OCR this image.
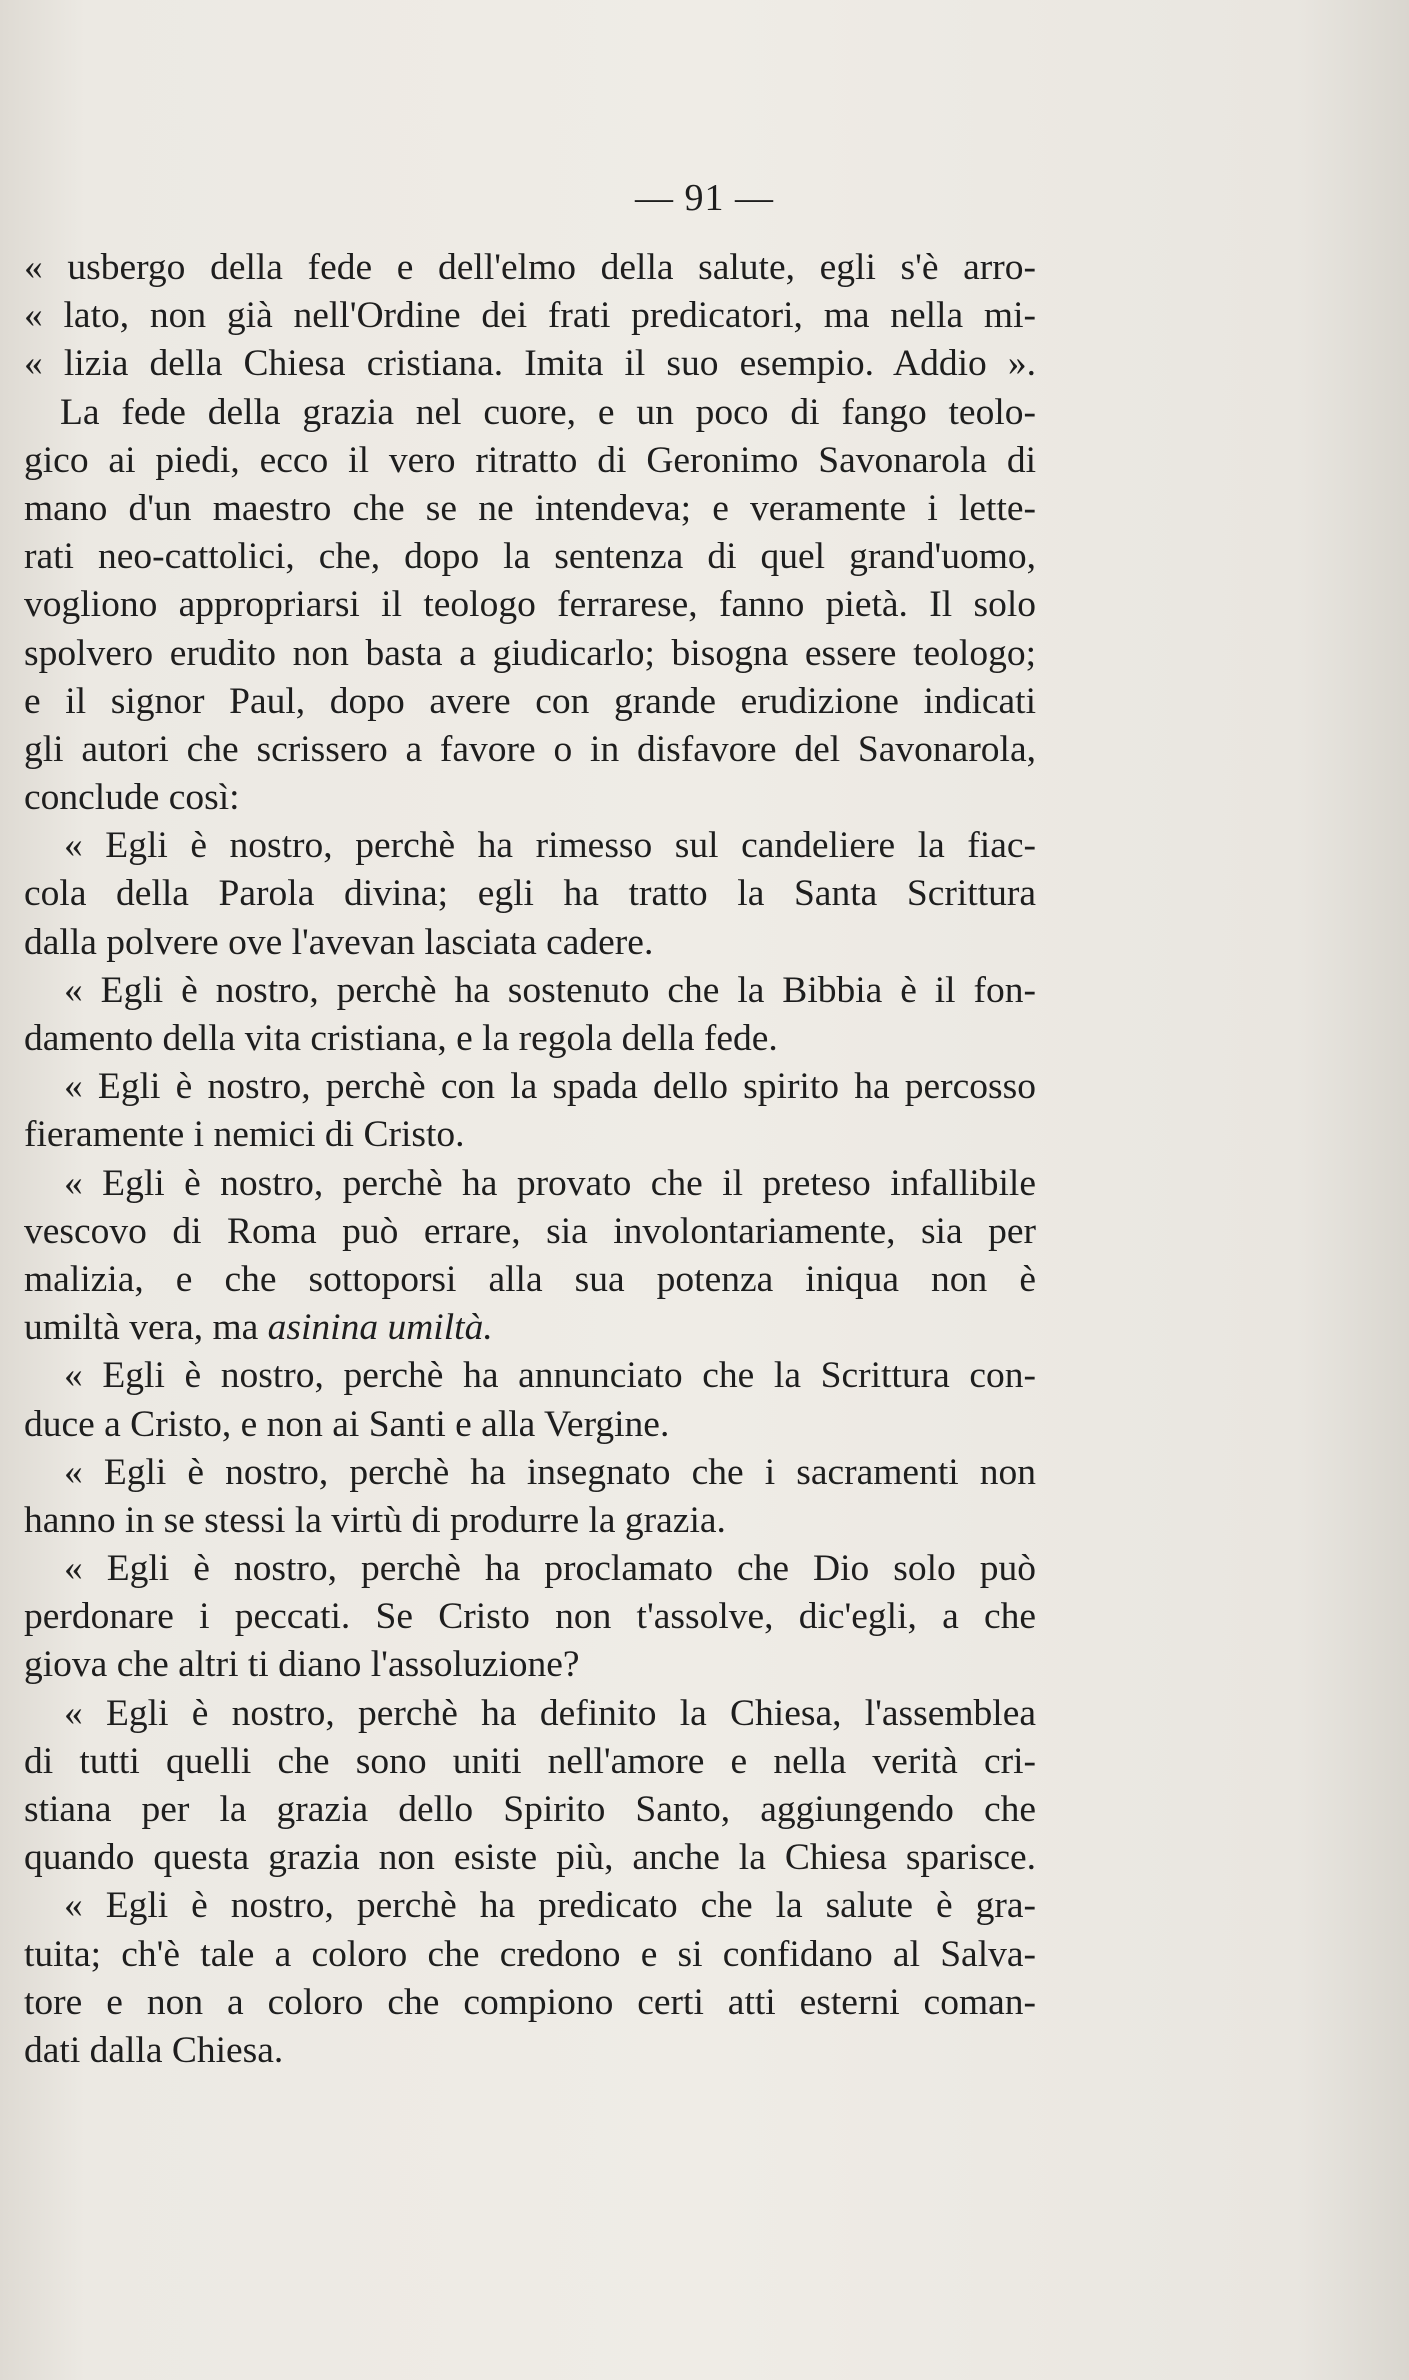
— 91 —
« usbergo della fede e dell'elmo della salute, egli s'è arro-
« lato, non già nell'Ordine dei frati predicatori, ma nella mi-
« lizia della Chiesa cristiana. Imita il suo esempio. Addio ».
La fede della grazia nel cuore, e un poco di fango teolo-
gico ai piedi, ecco il vero ritratto di Geronimo Savonarola di
mano d'un maestro che se ne intendeva; e veramente i lette-
rati neo-cattolici, che, dopo la sentenza di quel grand'uomo,
vogliono appropriarsi il teologo ferrarese, fanno pietà. Il solo
spolvero erudito non basta a giudicarlo; bisogna essere teologo;
e il signor Paul, dopo avere con grande erudizione indicati
gli autori che scrissero a favore o in disfavore del Savonarola,
conclude così:
« Egli è nostro, perchè ha rimesso sul candeliere la fiac-
cola della Parola divina; egli ha tratto la Santa Scrittura
dalla polvere ove l'avevan lasciata cadere.
« Egli è nostro, perchè ha sostenuto che la Bibbia è il fon-
damento della vita cristiana, e la regola della fede.
« Egli è nostro, perchè con la spada dello spirito ha percosso
fieramente i nemici di Cristo.
« Egli è nostro, perchè ha provato che il preteso infallibile
vescovo di Roma può errare, sia involontariamente, sia per
malizia, e che sottoporsi alla sua potenza iniqua non è
umiltà vera, ma asinina umiltà.
« Egli è nostro, perchè ha annunciato che la Scrittura con-
duce a Cristo, e non ai Santi e alla Vergine.
« Egli è nostro, perchè ha insegnato che i sacramenti non
hanno in se stessi la virtù di produrre la grazia.
« Egli è nostro, perchè ha proclamato che Dio solo può
perdonare i peccati. Se Cristo non t'assolve, dic'egli, a che
giova che altri ti diano l'assoluzione?
« Egli è nostro, perchè ha definito la Chiesa, l'assemblea
di tutti quelli che sono uniti nell'amore e nella verità cri-
stiana per la grazia dello Spirito Santo, aggiungendo che
quando questa grazia non esiste più, anche la Chiesa sparisce.
« Egli è nostro, perchè ha predicato che la salute è gra-
tuita; ch'è tale a coloro che credono e si confidano al Salva-
tore e non a coloro che compiono certi atti esterni coman-
dati dalla Chiesa.
